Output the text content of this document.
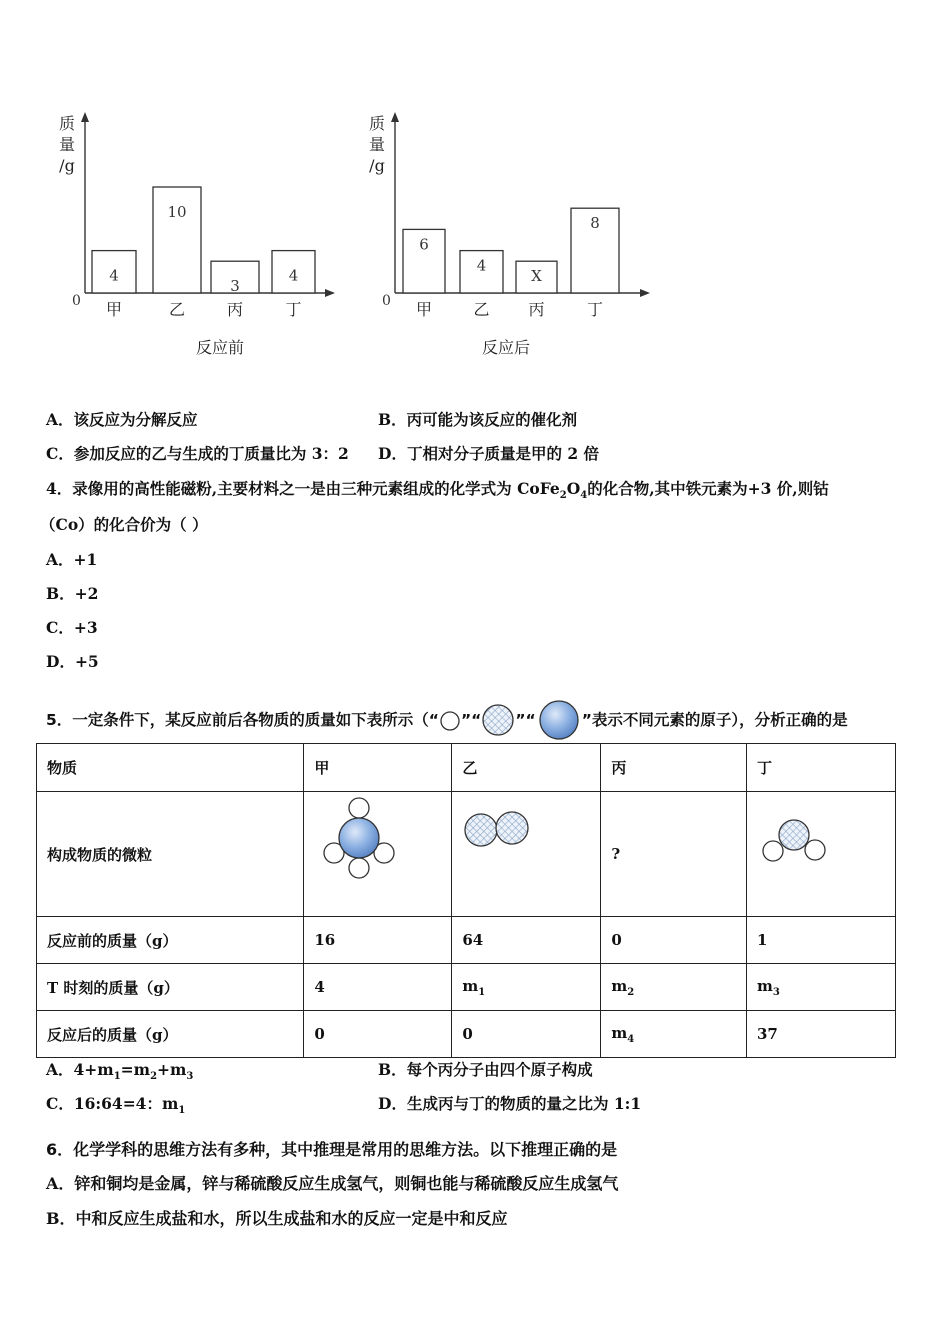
质
量
/g
0
4
甲
10
乙
3
丙
4
丁
反应前
质
量
/g
0
6
甲
4
乙
X
丙
8
丁
反应后
A．该反应为分解反应	B．丙可能为该反应的催化剂
C．参加反应的乙与生成的丁质量比为 3：2 D．丁相对分子质量是甲的 2 倍
4．录像用的高性能磁粉,主要材料之一是由三种元素组成的化学式为 $CoFe_2O_4$的化合物,其中铁元素为+3 价,则钴
（Co）的化合价为（ ）
A．+1
B．+2
C．+3
D．+5
5．一定条件下，某反应前后各物质的质量如下表所示（“ ”“ ”“	”表示不同元素的原子），分析正确的是
物质	甲	乙	丙	丁
构成物质的微粒			?	
反应前的质量（g）	16	64	0	1
T 时刻的质量（g）	4	$m_1$	$m_2$	$m_3$
反应后的质量（g）	0	0	$m_4$	37
A．$4+m_1=m_2+m_3$	B．每个丙分子由四个原子构成
C．16:64=4：$m_1$	D．生成丙与丁的物质的量之比为 1:1
6．化学学科的思维方法有多种，其中推理是常用的思维方法。以下推理正确的是
A．锌和铜均是金属，锌与稀硫酸反应生成氢气，则铜也能与稀硫酸反应生成氢气
B．中和反应生成盐和水，所以生成盐和水的反应一定是中和反应
